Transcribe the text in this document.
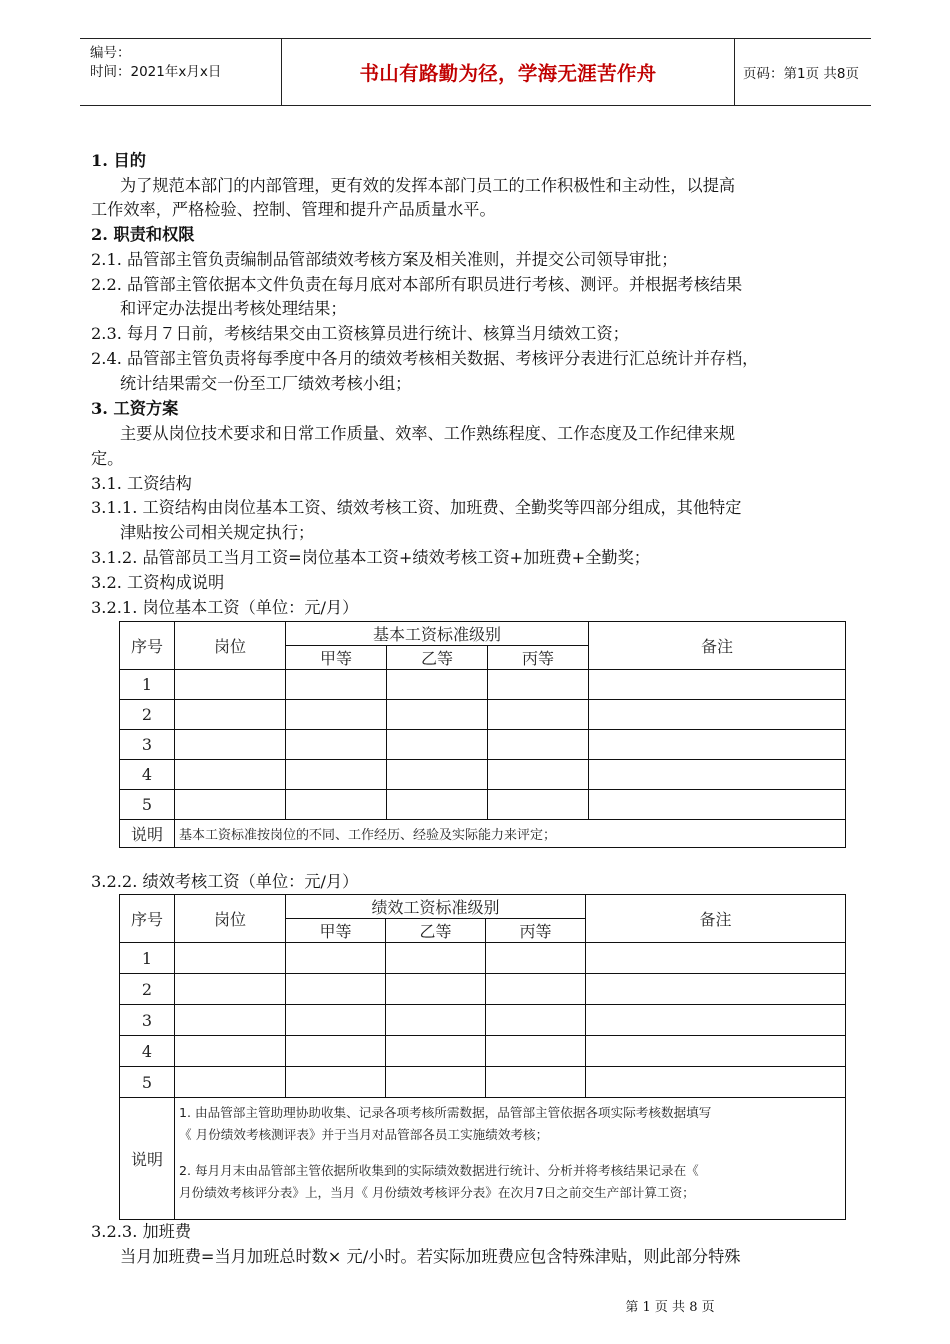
编号：
时间：2021年x月x日	书山有路勤为径，学海无涯苦作舟	页码：第1页 共8页
1. 目的
为了规范本部门的内部管理，更有效的发挥本部门员工的工作积极性和主动性，以提高
工作效率，严格检验、控制、管理和提升产品质量水平。
2. 职责和权限
2.1. 品管部主管负责编制品管部绩效考核方案及相关准则，并提交公司领导审批；
2.2. 品管部主管依据本文件负责在每月底对本部所有职员进行考核、测评。并根据考核结果
和评定办法提出考核处理结果；
2.3. 每月７日前，考核结果交由工资核算员进行统计、核算当月绩效工资；
2.4. 品管部主管负责将每季度中各月的绩效考核相关数据、考核评分表进行汇总统计并存档，
统计结果需交一份至工厂绩效考核小组；
3. 工资方案
主要从岗位技术要求和日常工作质量、效率、工作熟练程度、工作态度及工作纪律来规
定。
3.1. 工资结构
3.1.1. 工资结构由岗位基本工资、绩效考核工资、加班费、全勤奖等四部分组成，其他特定
津贴按公司相关规定执行；
3.1.2. 品管部员工当月工资=岗位基本工资+绩效考核工资+加班费+全勤奖；
3.2. 工资构成说明
3.2.1. 岗位基本工资（单位：元/月）
序号	岗位	基本工资标准级别			备注
		甲等	乙等	丙等	
1					
2					
3					
4					
5					
说明	基本工资标准按岗位的不同、工作经历、经验及实际能力来评定；				
3.2.2. 绩效考核工资（单位：元/月）
序号	岗位	绩效工资标准级别			备注
		甲等	乙等	丙等	
1					
2					
3					
4					
5					
说明	1. 由品管部主管助理协助收集、记录各项考核所需数据，品管部主管依据各项实际考核数据填写
《 月份绩效考核测评表》并于当月对品管部各员工实施绩效考核；
2. 每月月末由品管部主管依据所收集到的实际绩效数据进行统计、分析并将考核结果记录在《
月份绩效考核评分表》上，当月《 月份绩效考核评分表》在次月7日之前交生产部计算工资；				
3.2.3. 加班费
当月加班费=当月加班总时数× 元/小时。若实际加班费应包含特殊津贴，则此部分特殊
第 1 页 共 8 页
